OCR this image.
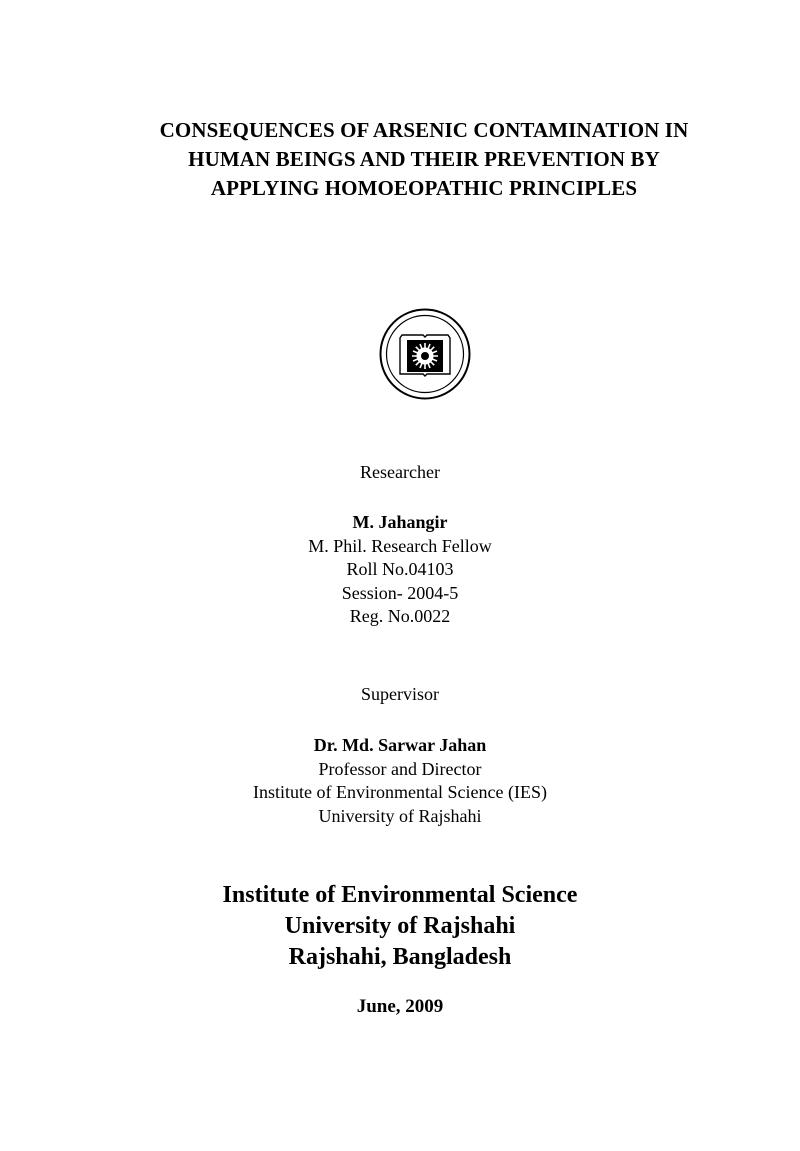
CONSEQUENCES OF ARSENIC CONTAMINATION IN
HUMAN BEINGS AND THEIR PREVENTION BY
APPLYING HOMOEOPATHIC PRINCIPLES
Researcher
M. Jahangir
M. Phil. Research Fellow
Roll No.04103
Session- 2004-5
Reg. No.0022
Supervisor
Dr. Md. Sarwar Jahan
Professor and Director
Institute of Environmental Science (IES)
University of Rajshahi
Institute of Environmental Science
University of Rajshahi
Rajshahi, Bangladesh
June, 2009
